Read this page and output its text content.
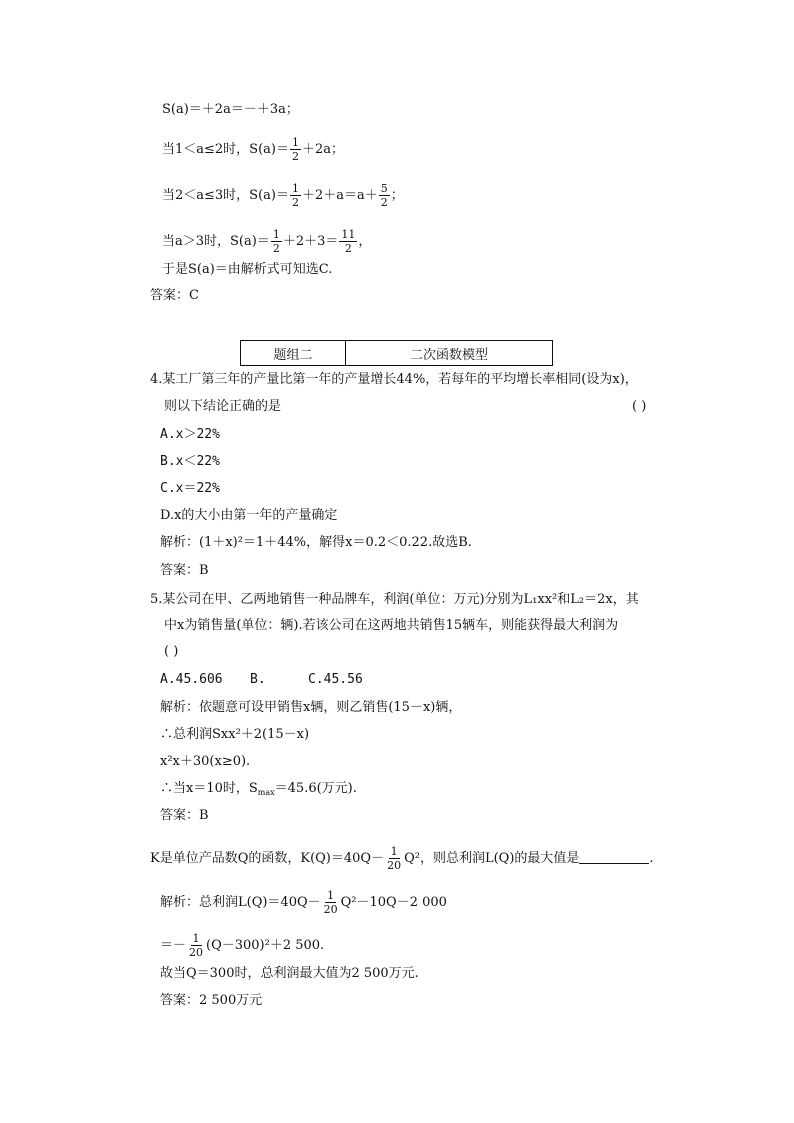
S(a)＝＋2a＝－＋3a；
当1＜a≤2时，$S(a)= \frac{1}{2} +2a$；
当2＜a≤3时，$S(a)= \frac{1}{2} +2+a=a+ \frac{5}{2}$ ；
当a＞3时，$S(a)= \frac{1}{2} +2+3= \frac{11}{2}$ ，
于是S(a)＝由解析式可知选C.
答案：C
题组二	二次函数模型
4.某工厂第三年的产量比第一年的产量增长44%，若每年的平均增长率相同(设为x)，
则以下结论正确的是	( )
A.x＞22%
B.x＜22%
C.x＝22%
D.x的大小由第一年的产量确定
解析：(1＋x)²＝1＋44%，解得x＝0.2＜0.22.故选B.
答案：B
5.某公司在甲、乙两地销售一种品牌车，利润(单位：万元)分别为L₁xx²和L₂＝2x，其
中x为销售量(单位：辆).若该公司在这两地共销售15辆车，则能获得最大利润为
( )
A.45.606 B.	C.45.56
解析：依题意可设甲销售x辆，则乙销售(15－x)辆，
∴总利润Sxx²＋2(15－x)
x²x＋30(x≥0).
∴当x＝10时，$S_{max}=45.6$(万元).
答案：B
K是单位产品数Q的函数，$K(Q)=40Q- \frac{1}{20} Q^2$，则总利润L(Q)的最大值是	.
解析：总利润$L(Q)=40Q- \frac{1}{20} Q^2-10Q-2$ 000
＝－ $\frac{1}{20} (Q-300)^2+2$ 500.
故当Q＝300时，总利润最大值为2 500万元.
答案：2 500万元
